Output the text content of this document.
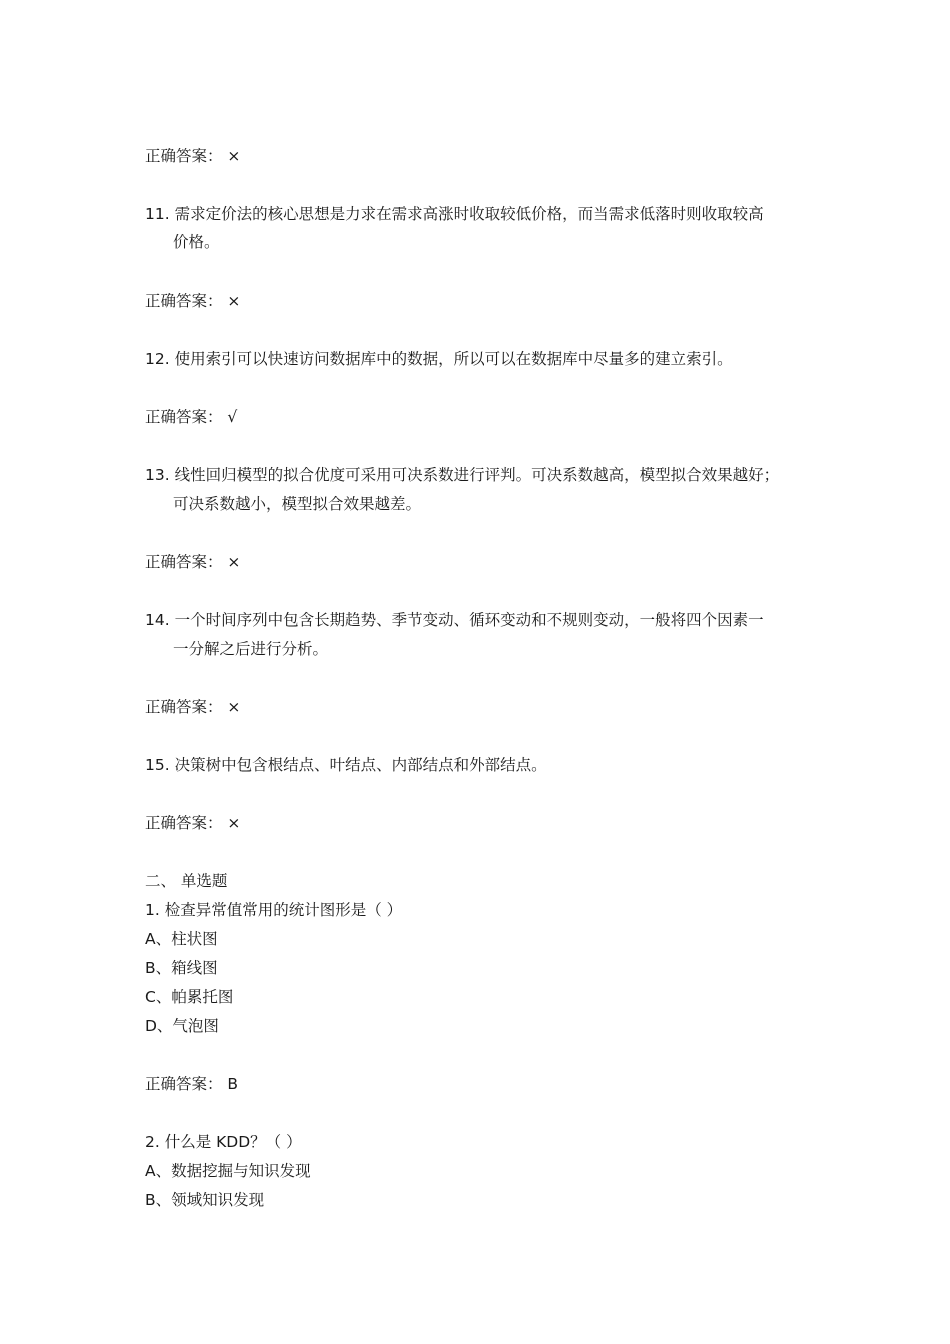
正确答案： ×
11. 需求定价法的核心思想是力求在需求高涨时收取较低价格，而当需求低落时则收取较高
价格。
正确答案： ×
12. 使用索引可以快速访问数据库中的数据，所以可以在数据库中尽量多的建立索引。
正确答案： √
13. 线性回归模型的拟合优度可采用可决系数进行评判。可决系数越高，模型拟合效果越好；
可决系数越小，模型拟合效果越差。
正确答案： ×
14. 一个时间序列中包含长期趋势、季节变动、循环变动和不规则变动，一般将四个因素一
一分解之后进行分析。
正确答案： ×
15. 决策树中包含根结点、叶结点、内部结点和外部结点。
正确答案： ×
二、 单选题
1. 检查异常值常用的统计图形是（ ）
A、柱状图
B、箱线图
C、帕累托图
D、气泡图
正确答案： B
2. 什么是 KDD？（ ）
A、数据挖掘与知识发现
B、领域知识发现
